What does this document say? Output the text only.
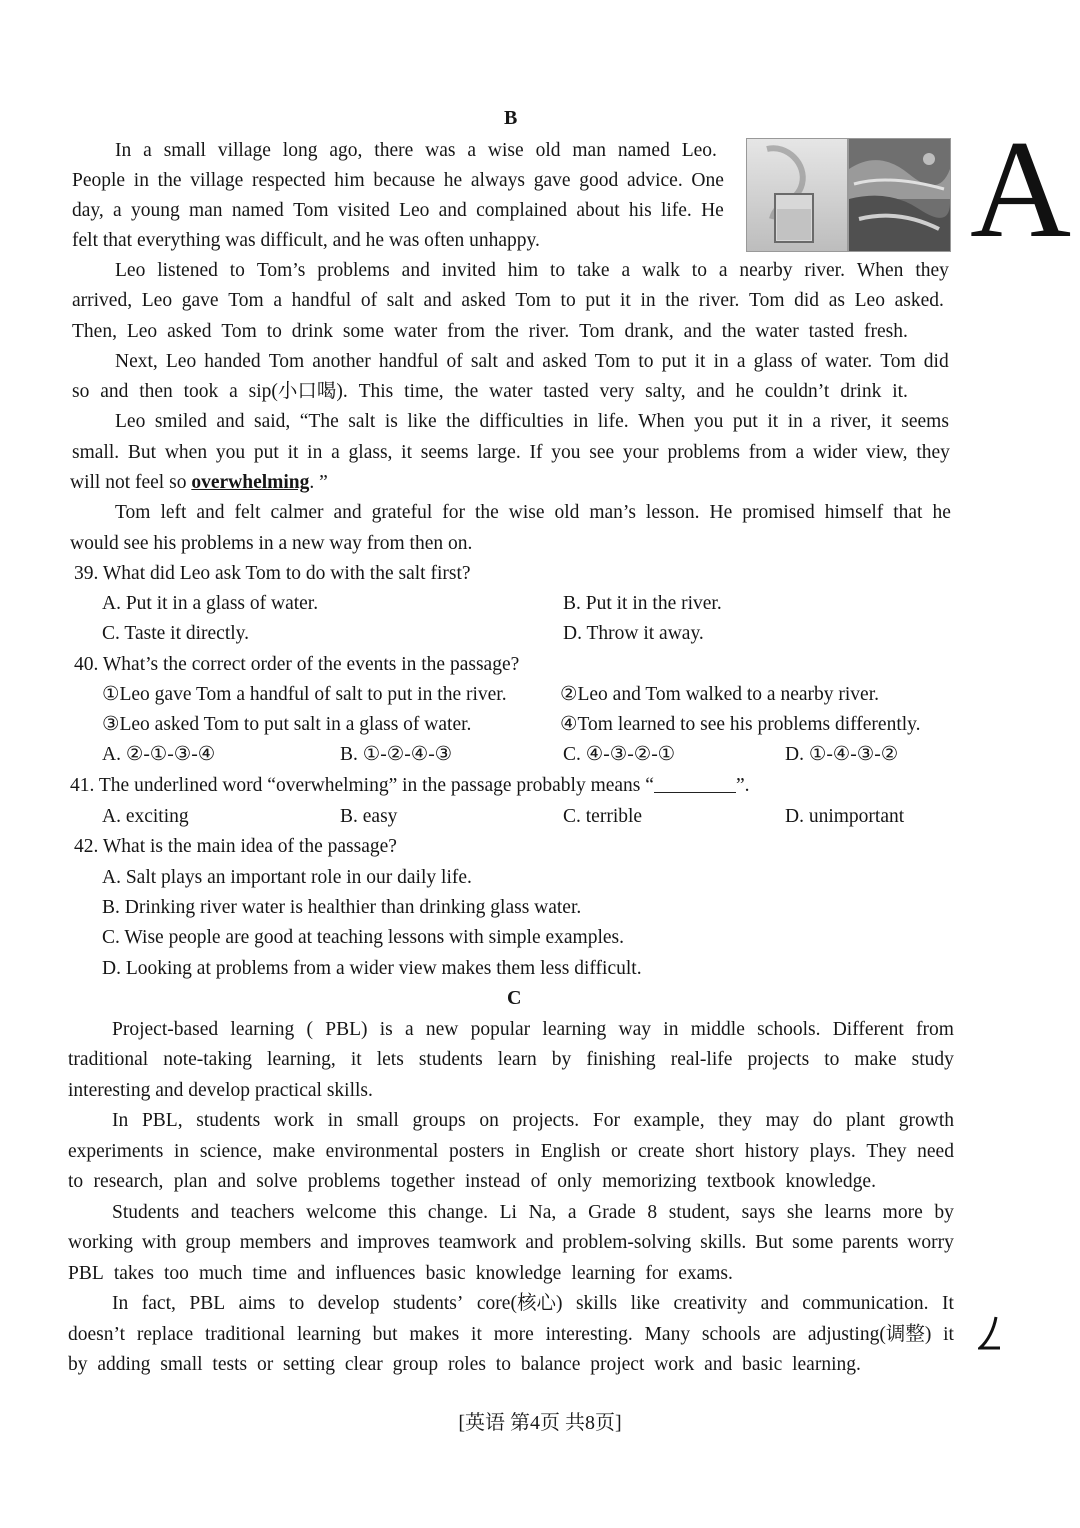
B	A
In a small village long ago, there was a wise old man named Leo.
People in the village respected him because he always gave good advice. One
day, a young man named Tom visited Leo and complained about his life. He
felt that everything was difficult, and he was often unhappy.
Leo listened to Tom’s problems and invited him to take a walk to a nearby river. When they
arrived, Leo gave Tom a handful of salt and asked Tom to put it in the river. Tom did as Leo asked.
Then, Leo asked Tom to drink some water from the river. Tom drank, and the water tasted fresh.
Next, Leo handed Tom another handful of salt and asked Tom to put it in a glass of water. Tom did
so and then took a sip(小口喝). This time, the water tasted very salty, and he couldn’t drink it.
Leo smiled and said, “The salt is like the difficulties in life. When you put it in a river, it seems
small. But when you put it in a glass, it seems large. If you see your problems from a wider view, they
will not feel so overwhelming . ”
Tom left and felt calmer and grateful for the wise old man’s lesson. He promised himself that he
would see his problems in a new way from then on.
39. What did Leo ask Tom to do with the salt first?
A. Put it in a glass of water.	B. Put it in the river.
C. Taste it directly.	D. Throw it away.
40. What’s the correct order of the events in the passage?
①Leo gave Tom a handful of salt to put in the river.	②Leo and Tom walked to a nearby river.
③Leo asked Tom to put salt in a glass of water.	④Tom learned to see his problems differently.
A. ②-①-③-④	B. ①-②-④-③	C. ④-③-②-①	D. ①-④-③-②
41. The underlined word “overwhelming” in the passage probably means “	”.
A. exciting	B. easy	C. terrible	D. unimportant
42. What is the main idea of the passage?
A. Salt plays an important role in our daily life.
B. Drinking river water is healthier than drinking glass water.
C. Wise people are good at teaching lessons with simple examples.
D. Looking at problems from a wider view makes them less difficult.
C
Project-based learning ( PBL) is a new popular learning way in middle schools. Different from
traditional note-taking learning, it lets students learn by finishing real-life projects to make study
interesting and develop practical skills.
In PBL, students work in small groups on projects. For example, they may do plant growth
experiments in science, make environmental posters in English or create short history plays. They need
to research, plan and solve problems together instead of only memorizing textbook knowledge.
Students and teachers welcome this change. Li Na, a Grade 8 student, says she learns more by
working with group members and improves teamwork and problem-solving skills. But some parents worry
PBL takes too much time and influences basic knowledge learning for exams.
In fact, PBL aims to develop students’ core(核心) skills like creativity and communication. It
doesn’t replace traditional learning but makes it more interesting. Many schools are adjusting(调整) it
by adding small tests or setting clear group roles to balance project work and basic learning.
[英语 第4页 共8页]
